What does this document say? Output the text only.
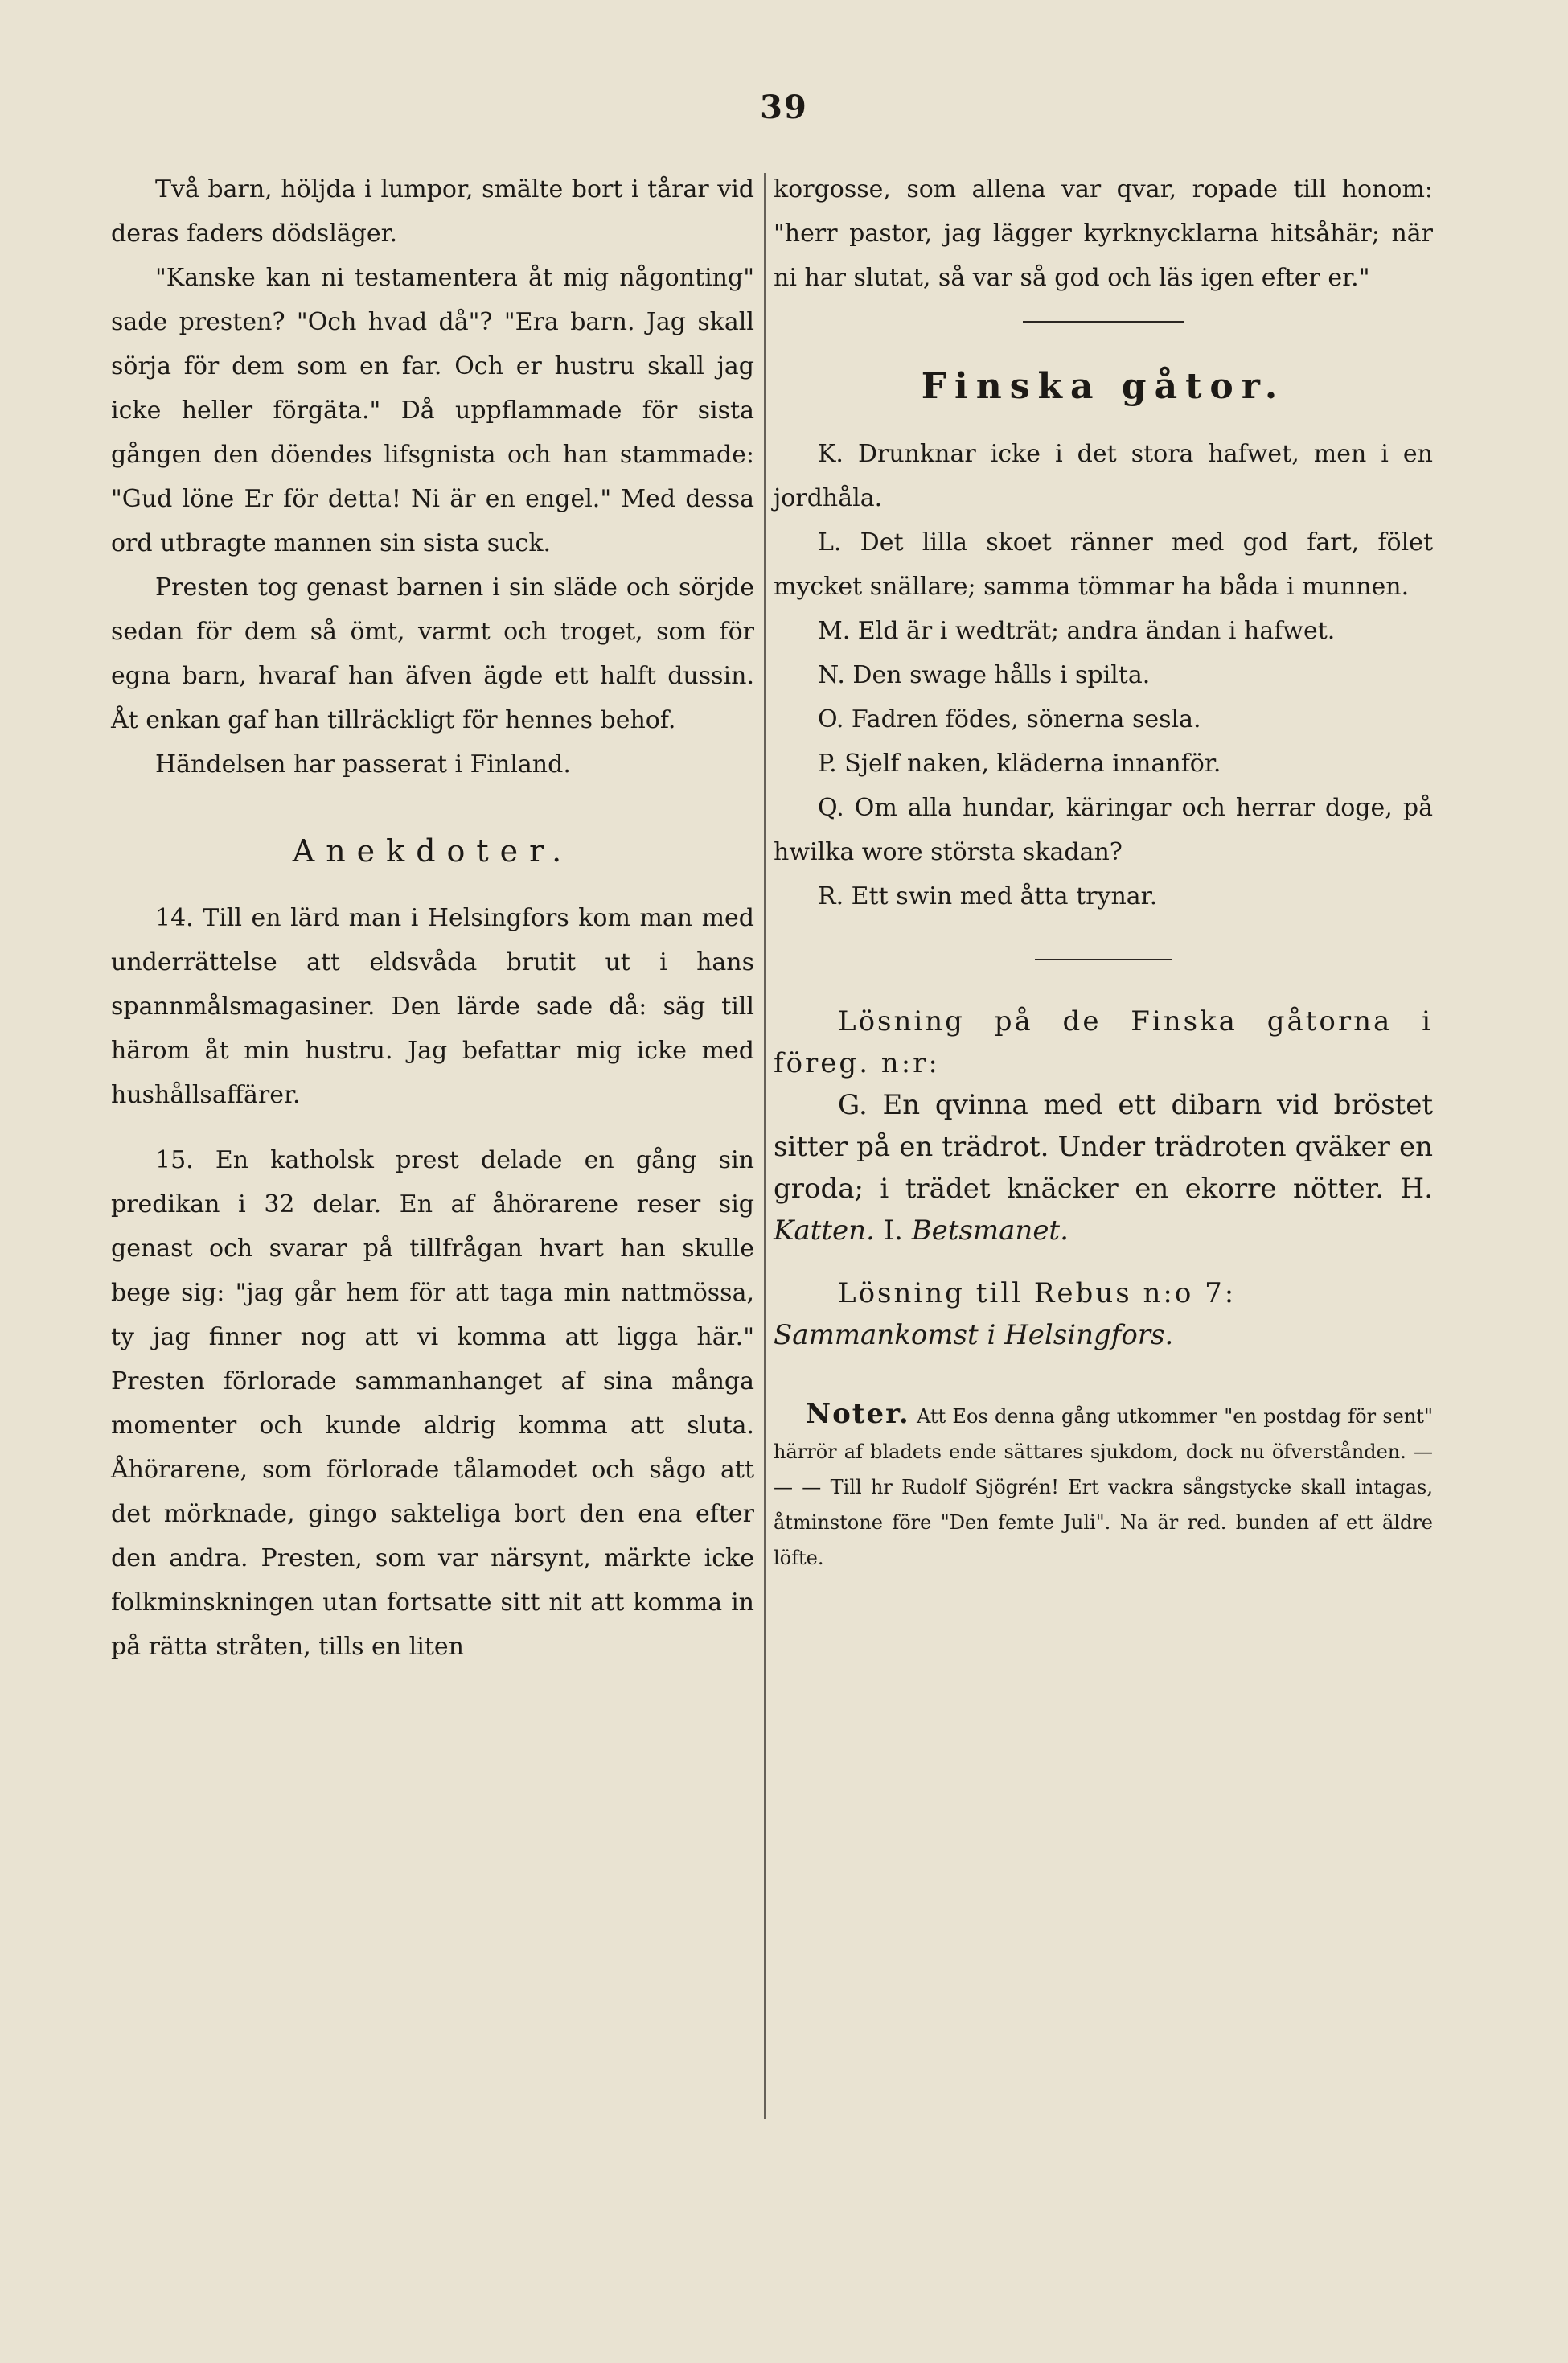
39

Två barn, höljda i lumpor, smälte bort i tårar vid deras faders dödsläger.

"Kanske kan ni testamentera åt mig någonting" sade presten? "Och hvad då"? "Era barn. Jag skall sörja för dem som en far. Och er hustru skall jag icke heller förgäta." Då uppflammade för sista gången den döendes lifsgnista och han stammade: "Gud löne Er för detta! Ni är en engel." Med dessa ord utbragte mannen sin sista suck.

Presten tog genast barnen i sin släde och sörjde sedan för dem så ömt, varmt och troget, som för egna barn, hvaraf han äfven ägde ett halft dussin. Åt enkan gaf han tillräckligt för hennes behof.

Händelsen har passerat i Finland.

Anekdoter.

14. Till en lärd man i Helsingfors kom man med underrättelse att eldsvåda brutit ut i hans spannmålsmagasiner. Den lärde sade då: säg till härom åt min hustru. Jag befattar mig icke med hushållsaffärer.

15. En katholsk prest delade en gång sin predikan i 32 delar. En af åhörarene reser sig genast och svarar på tillfrågan hvart han skulle bege sig: "jag går hem för att taga min nattmössa, ty jag finner nog att vi komma att ligga här." Presten förlorade sammanhanget af sina många momenter och kunde aldrig komma att sluta. Åhörarene, som förlorade tålamodet och sågo att det mörknade, gingo sakteligа bort den ena efter den andra. Presten, som var närsynt, märkte icke folkminskningen utan fortsatte sitt nit att komma in på rätta stråten, tills en liten

korgosse, som allena var qvar, ropade till honom: "herr pastor, jag lägger kyrknycklarna hitsåhär; när ni har slutat, så var så god och läs igen efter er."

Finska gåtor.

K. Drunknar icke i det stora hafwet, men i en jordhåla.

L. Det lilla skoet ränner med god fart, fölet mycket snällare; samma tömmar ha båda i munnen.

M. Eld är i wedträt; andra ändan i hafwet.

N. Den swage hålls i spilta.

O. Fadren födes, sönerna sesla.

P. Sjelf naken, kläderna innanför.

Q. Om alla hundar, käringar och herrar doge, på hwilka wore största skadan?

R. Ett swin med åtta trynar.

Lösning på de Finska gåtorna i föreg. n:r:

G. En qvinna med ett dibarn vid bröstet sitter på en trädrot. Under trädroten qväker en groda; i trädet knäcker en ekorre nötter. H. Katten. I. Betsmanet.

Lösning till Rebus n:o 7:

Sammankomst i Helsingfors.

Noter. Att Eos denna gång utkommer "en postdag för sent" härrör af bladets ende sättares sjukdom, dock nu öfverstånden. — — — Till hr Rudolf Sjögrén! Ert vackra sångstycke skall intagas, åtminstone före "Den femte Juli". Na är red. bunden af ett äldre löfte.
